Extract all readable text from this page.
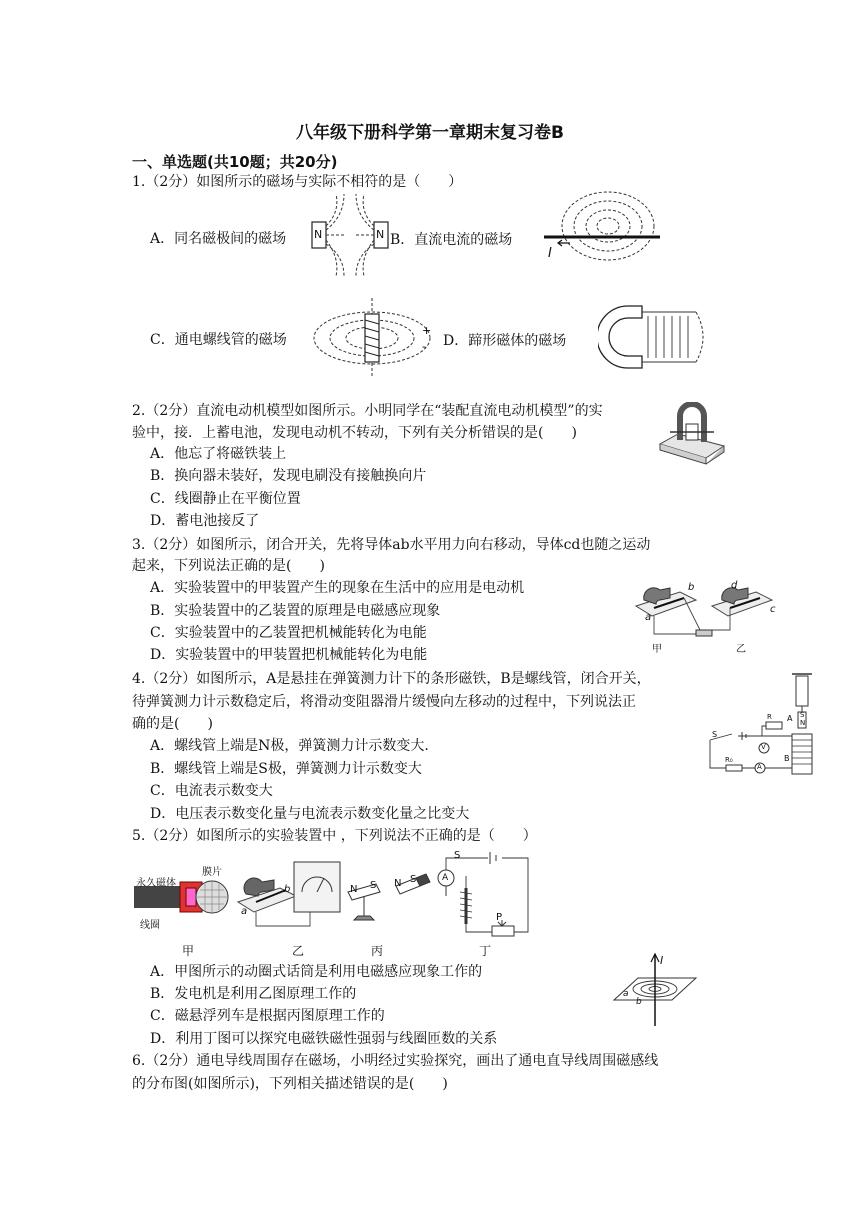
八年级下册科学第一章期末复习卷B
一、单选题(共10题；共20分)
1.（2分）如图所示的磁场与实际不相符的是（　　）
A．同名磁极间的磁场	B．直流电流的磁场
C．通电螺线管的磁场	D．蹄形磁体的磁场
N	N
I
+
-
2.（2分）直流电动机模型如图所示。小明同学在“装配直流电动机模型”的实
验中，接．上蓄电池，发现电动机不转动，下列有关分析错误的是(　　)
A．他忘了将磁铁装上
B．换向器未装好，发现电刷没有接触换向片
C．线圈静止在平衡位置
D．蓄电池接反了
3.（2分）如图所示，闭合开关，先将导体ab水平用力向右移动，导体cd也随之运动
起来，下列说法正确的是(　　)
A．实验装置中的甲装置产生的现象在生活中的应用是电动机
B．实验装置中的乙装置的原理是电磁感应现象
C．实验装置中的乙装置把机械能转化为电能
D．实验装置中的甲装置把机械能转化为电能	甲	乙
a
b
c
d
4.（2分）如图所示，A是悬挂在弹簧测力计下的条形磁铁，B是螺线管，闭合开关，
待弹簧测力计示数稳定后，将滑动变阻器滑片缓慢向左移动的过程中，下列说法正
确的是(　　)
A．螺线管上端是N极，弹簧测力计示数变大.
B．螺线管上端是S极，弹簧测力计示数变大
C．电流表示数变大
D．电压表示数变化量与电流表示数变化量之比变大
A
B
S
N
S
R
V
A
R₀
5.（2分）如图所示的实验装置中 ，下列说法不正确的是（　　）
永久磁体
膜片
线圈
a
b	N S N S
S
A
P
甲	乙	丙	丁
A．甲图所示的动圈式话筒是利用电磁感应现象工作的
B．发电机是利用乙图原理工作的
C．磁悬浮列车是根据丙图原理工作的
D．利用丁图可以探究电磁铁磁性强弱与线圈匝数的关系
I
a
b
6.（2分）通电导线周围存在磁场，小明经过实验探究，画出了通电直导线周围磁感线
的分布图(如图所示)，下列相关描述错误的是(　　)
